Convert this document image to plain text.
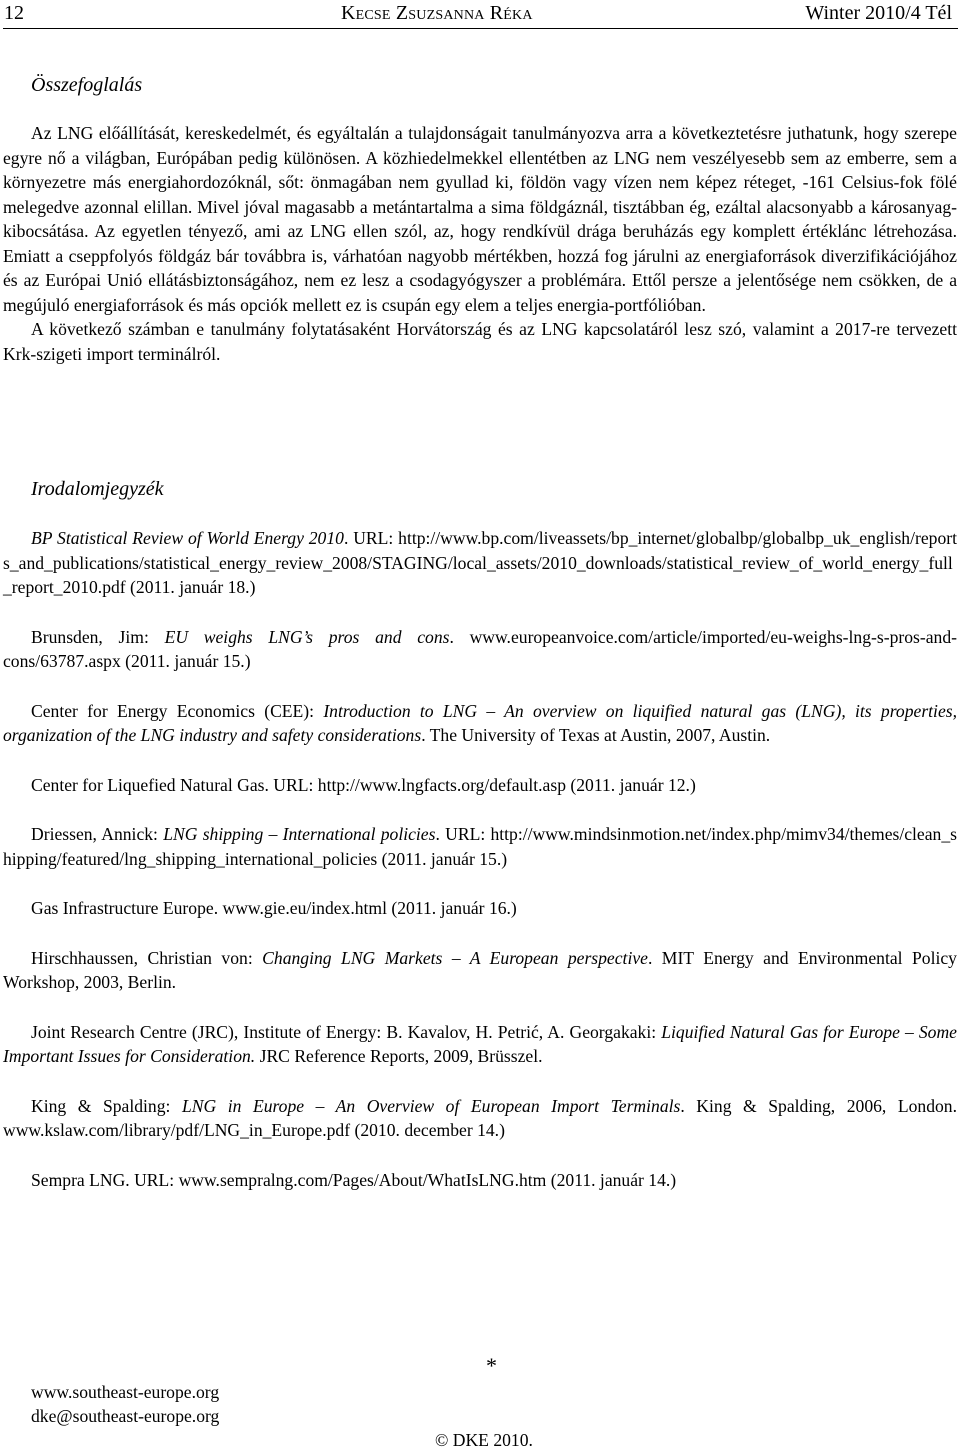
12	Kecse Zsuzsanna Réka	Winter 2010/4 Tél
Összefoglalás

Az LNG előállítását, kereskedelmét, és egyáltalán a tulajdonságait tanulmányozva arra a következtetésre juthatunk, hogy szerepe egyre nő a világban, Európában pedig különösen. A közhiedelmekkel ellentétben az LNG nem veszélyesebb sem az emberre, sem a környezetre más energiahordozóknál, sőt: önmagában nem gyullad ki, földön vagy vízen nem képez réteget, -161 Celsius-fok fölé melegedve azonnal elillan. Mivel jóval magasabb a metántartalma a sima földgáznál, tisztábban ég, ezáltal alacsonyabb a károsanyag-kibocsátása. Az egyetlen tényező, ami az LNG ellen szól, az, hogy rendkívül drága beruházás egy komplett értéklánc létrehozása. Emiatt a cseppfolyós földgáz bár továbbra is, várhatóan nagyobb mértékben, hozzá fog járulni az energiaforrások diverzifikációjához és az Európai Unió ellátásbiztonságához, nem ez lesz a csodagyógyszer a problémára. Ettől persze a jelentősége nem csökken, de a megújuló energiaforrások és más opciók mellett ez is csupán egy elem a teljes energia-portfólióban.

A következő számban e tanulmány folytatásaként Horvátország és az LNG kapcsolatáról lesz szó, valamint a 2017-re tervezett Krk-szigeti import terminálról.

Irodalomjegyzék

BP Statistical Review of World Energy 2010. URL: http://www.bp.com/liveassets/bp_internet/globalbp/globalbp_uk_english/reports_and_publications/statistical_energy_review_2008/STAGING/local_assets/2010_downloads/statistical_review_of_world_energy_full_report_2010.pdf (2011. január 18.)

Brunsden, Jim: EU weighs LNG’s pros and cons. www.europeanvoice.com/article/imported/eu-weighs-lng-s-pros-and-cons/63787.aspx (2011. január 15.)

Center for Energy Economics (CEE): Introduction to LNG – An overview on liquified natural gas (LNG), its properties, organization of the LNG industry and safety considerations. The University of Texas at Austin, 2007, Austin.

Center for Liquefied Natural Gas. URL: http://www.lngfacts.org/default.asp (2011. január 12.)

Driessen, Annick: LNG shipping – International policies. URL: http://www.mindsinmotion.net/index.php/mimv34/themes/clean_shipping/featured/lng_shipping_international_policies (2011. január 15.)

Gas Infrastructure Europe. www.gie.eu/index.html (2011. január 16.)

Hirschhaussen, Christian von: Changing LNG Markets – A European perspective. MIT Energy and Environmental Policy Workshop, 2003, Berlin.

Joint Research Centre (JRC), Institute of Energy: B. Kavalov, H. Petrić, A. Georgakaki: Liquified Natural Gas for Europe – Some Important Issues for Consideration. JRC Reference Reports, 2009, Brüsszel.

King & Spalding: LNG in Europe – An Overview of European Import Terminals. King & Spalding, 2006, London. www.kslaw.com/library/pdf/LNG_in_Europe.pdf (2010. december 14.)

Sempra LNG. URL: www.sempralng.com/Pages/About/WhatIsLNG.htm (2011. január 14.)

*
www.southeast-europe.org
dke@southeast-europe.org
© DKE 2010.
